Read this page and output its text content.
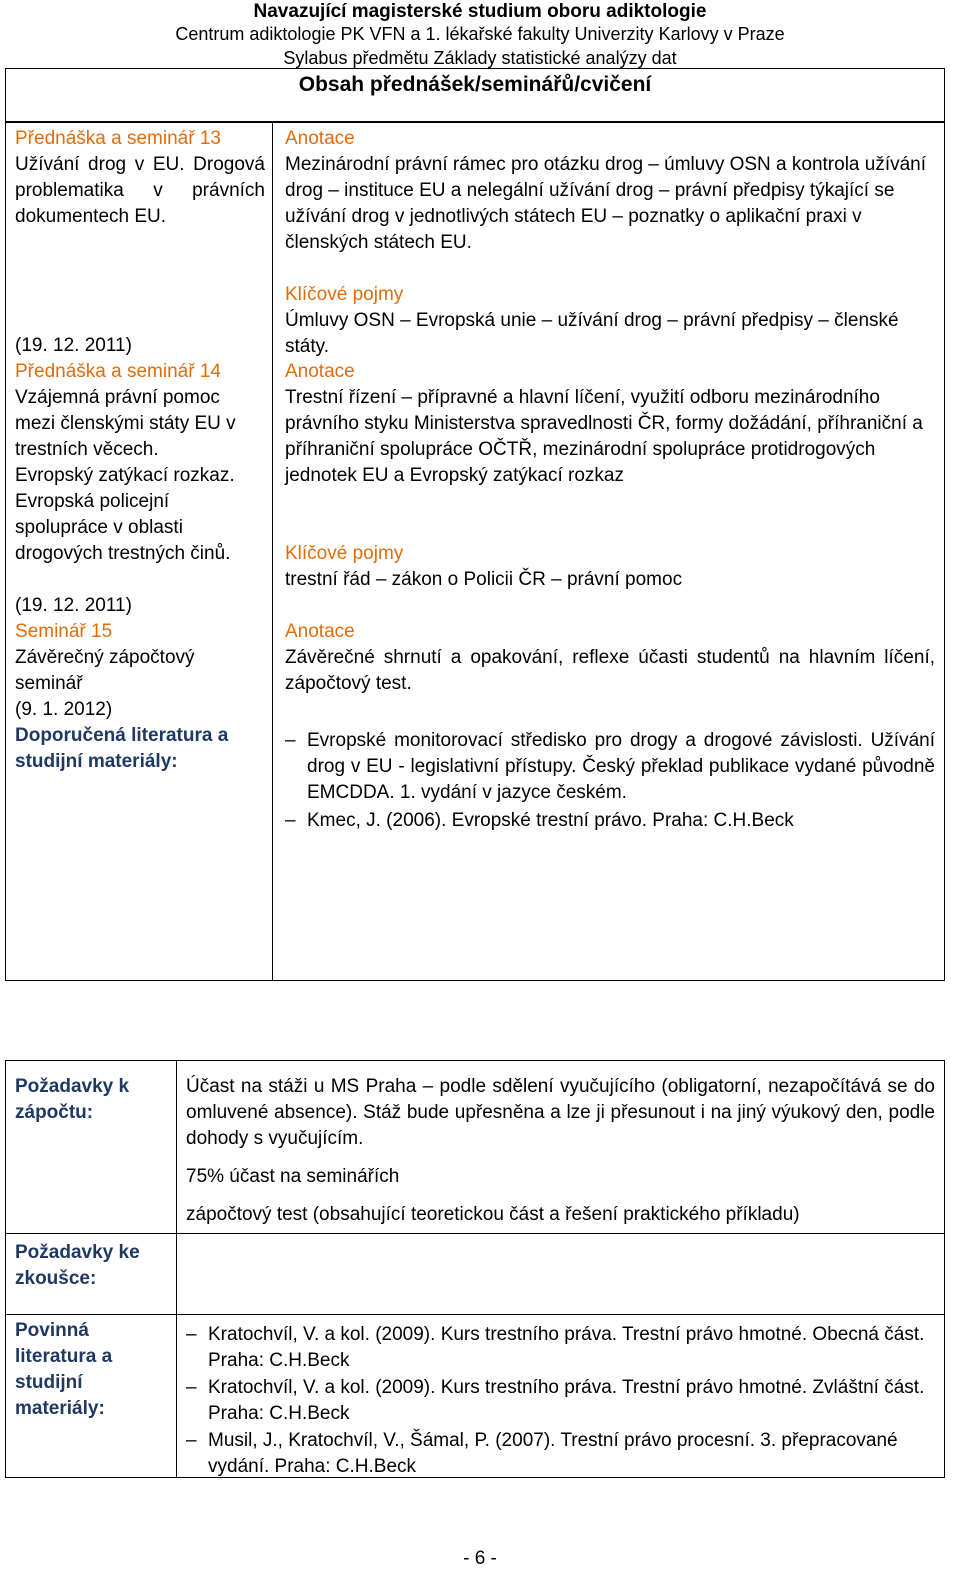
Navazující magisterské studium oboru adiktologie
Centrum adiktologie PK VFN a 1. lékařské fakulty Univerzity Karlovy v Praze
Sylabus předmětu Základy statistické analýzy dat
Obsah přednášek/seminářů/cvičení
Přednáška a seminář 13
Užívání drog v EU. Drogová problematika v právních dokumentech EU.
(19. 12. 2011)
Přednáška a seminář 14
Vzájemná právní pomoc mezi členskými státy EU v trestních věcech. Evropský zatýkací rozkaz. Evropská policejní spolupráce v oblasti drogových trestných činů.
(19. 12. 2011)
Seminář 15
Závěrečný zápočtový seminář
(9. 1. 2012)
Doporučená literatura a studijní materiály:
Anotace
Mezinárodní právní rámec pro otázku drog – úmluvy OSN a kontrola užívání drog – instituce EU a nelegální užívání drog – právní předpisy týkající se užívání drog v jednotlivých státech EU – poznatky o aplikační praxi v členských státech EU.
Klíčové pojmy
Úmluvy OSN – Evropská unie – užívání drog – právní předpisy – členské státy.
Anotace
Trestní řízení – přípravné a hlavní líčení, využití odboru mezinárodního právního styku Ministerstva spravedlnosti ČR, formy dožádání, příhraniční a příhraniční spolupráce OČTŘ, mezinárodní spolupráce protidrogových jednotek EU a Evropský zatýkací rozkaz
Klíčové pojmy
trestní řád – zákon o Policii ČR – právní pomoc
Anotace
Závěrečné shrnutí a opakování, reflexe účasti studentů na hlavním líčení, zápočtový test.
– Evropské monitorovací středisko pro drogy a drogové závislosti. Užívání drog v EU - legislativní přístupy. Český překlad publikace vydané původně EMCDDA. 1. vydání v jazyce českém.
– Kmec, J. (2006). Evropské trestní právo. Praha: C.H.Beck
Požadavky k zápočtu:
Účast na stáži u MS Praha – podle sdělení vyučujícího (obligatorní, nezapočítává se do omluvené absence). Stáž bude upřesněna a lze ji přesunout i na jiný výukový den, podle dohody s vyučujícím.
75% účast na seminářích
zápočtový test (obsahující teoretickou část a řešení praktického příkladu)
Požadavky ke zkoušce:
Povinná literatura a studijní materiály:
– Kratochvíl, V. a kol. (2009). Kurs trestního práva. Trestní právo hmotné. Obecná část. Praha: C.H.Beck
– Kratochvíl, V. a kol. (2009). Kurs trestního práva. Trestní právo hmotné. Zvláštní část. Praha: C.H.Beck
– Musil, J., Kratochvíl, V., Šámal, P. (2007). Trestní právo procesní. 3. přepracované vydání. Praha: C.H.Beck
- 6 -
